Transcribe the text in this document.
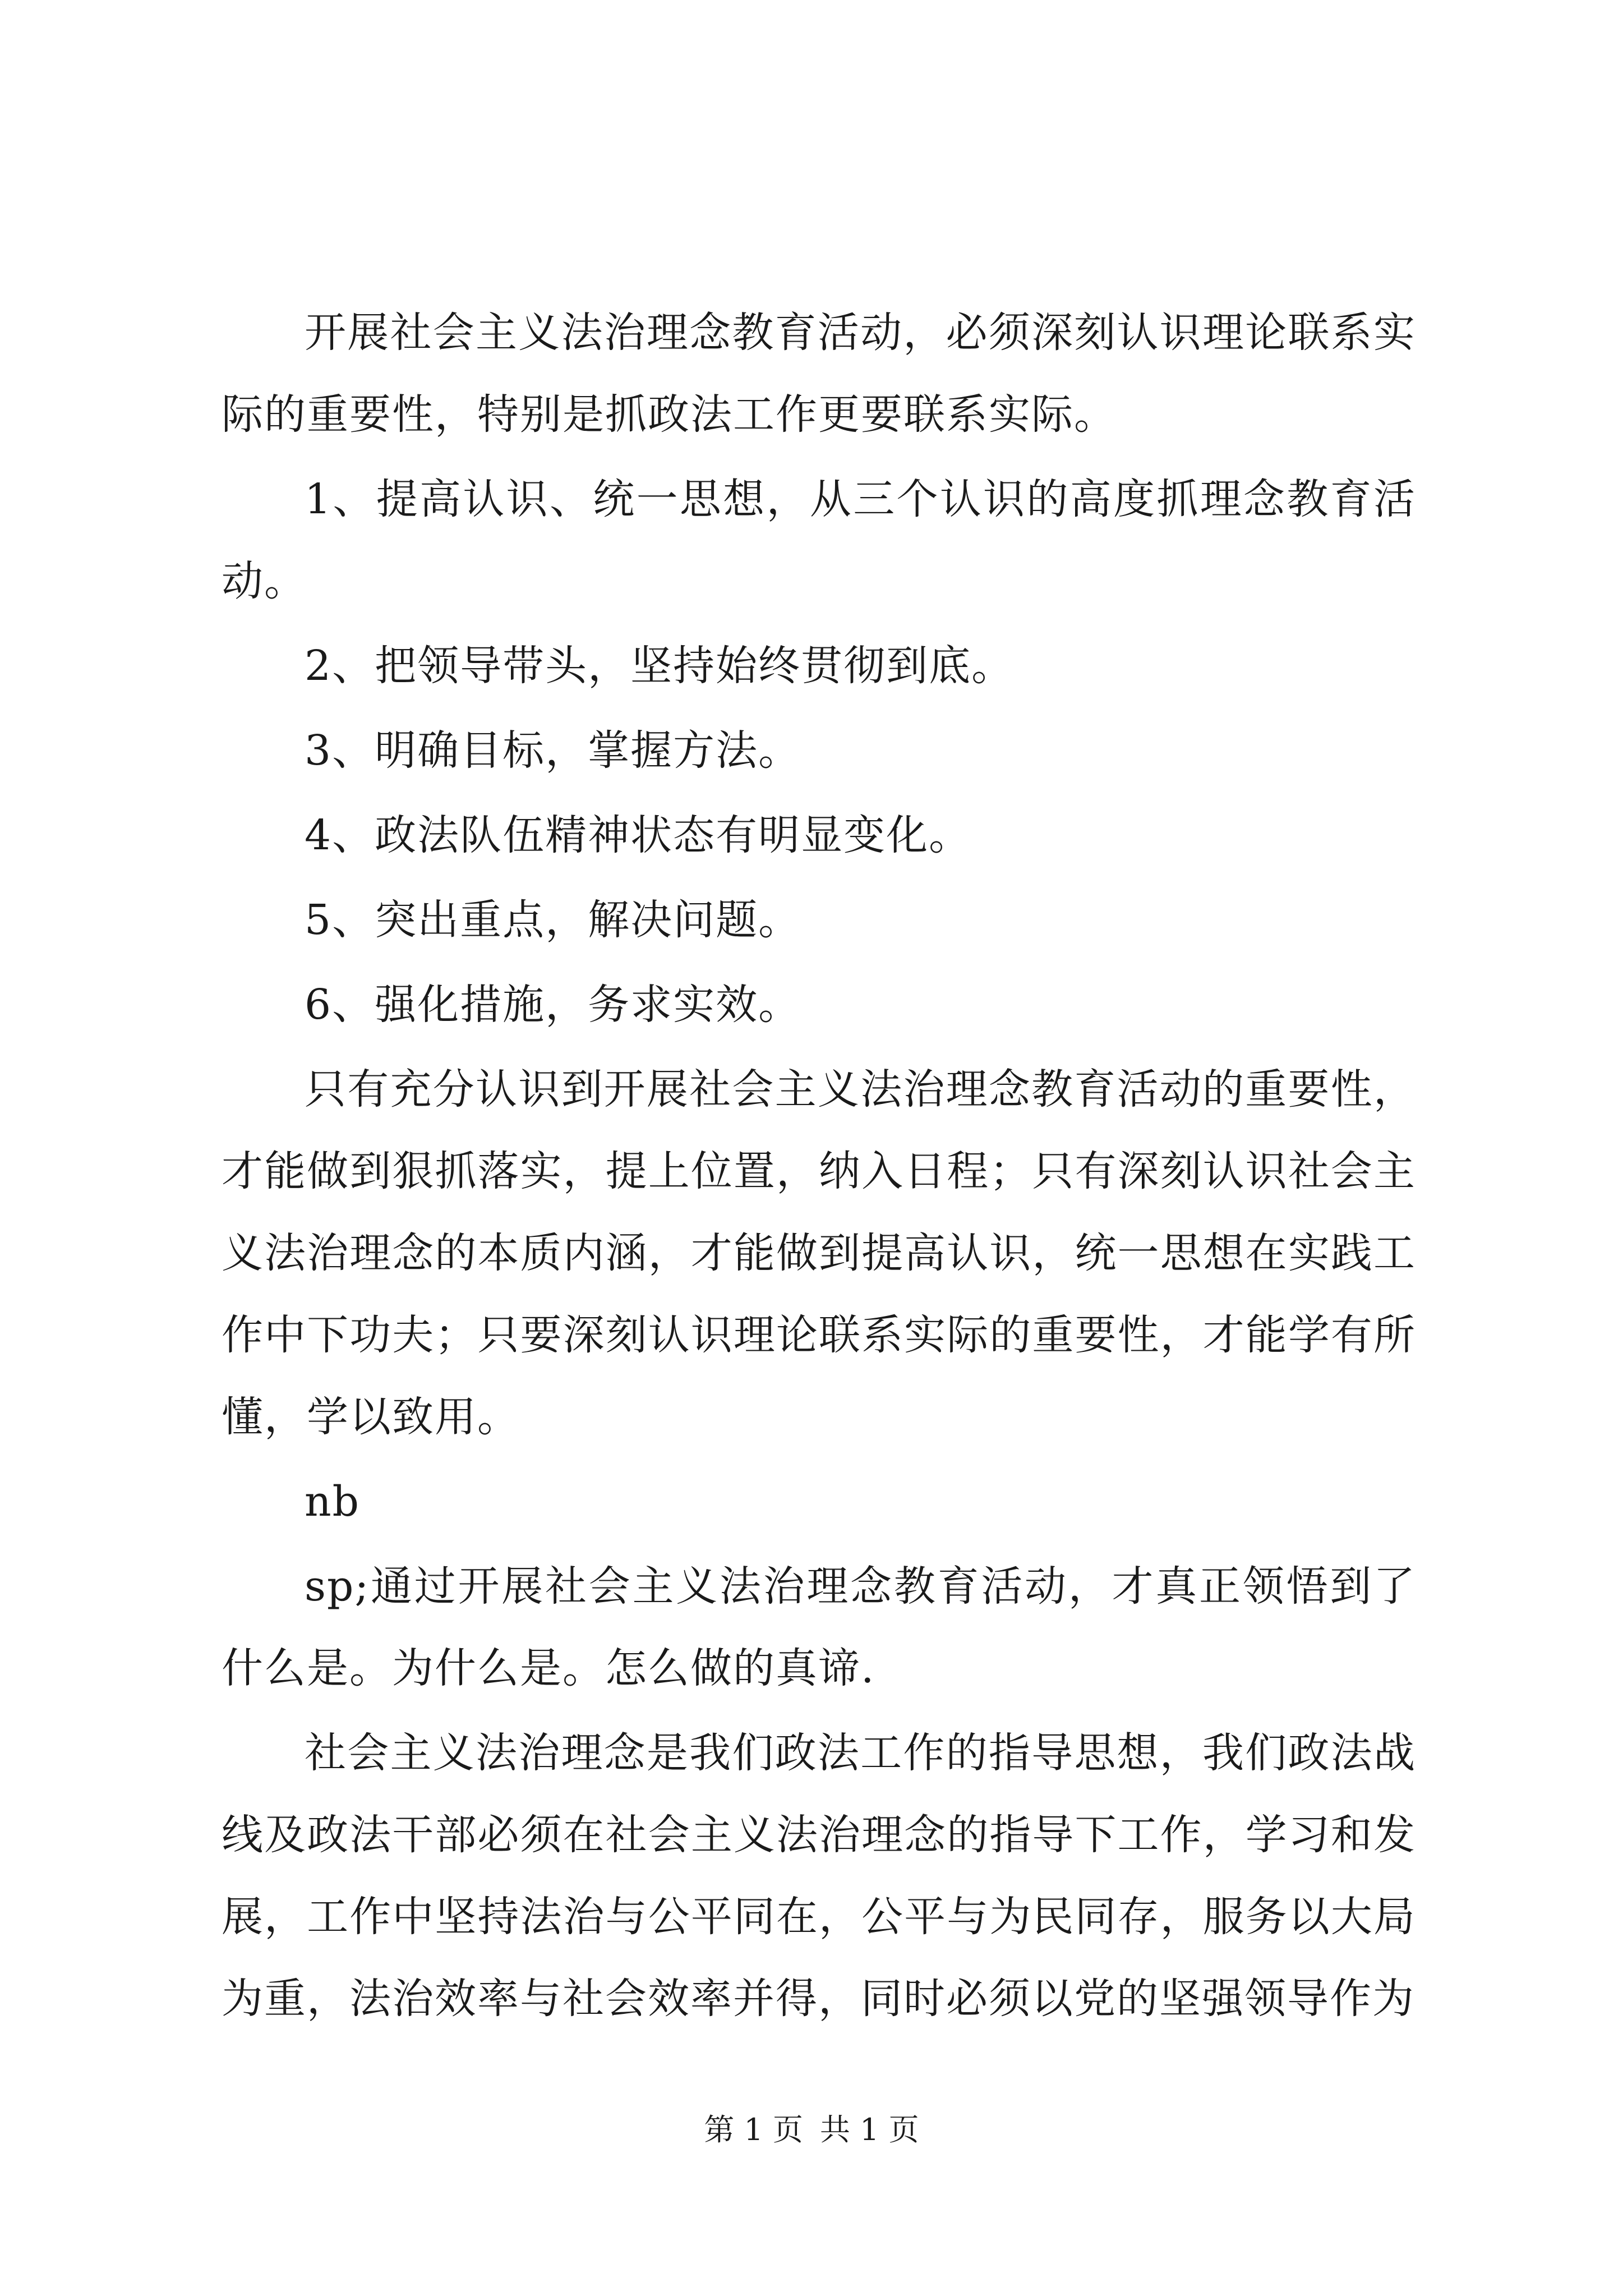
开展社会主义法治理念教育活动，必须深刻认识理论联系实际的重要性，特别是抓政法工作更要联系实际。

1、提高认识、统一思想，从三个认识的高度抓理念教育活动。

2、把领导带头，坚持始终贯彻到底。

3、明确目标，掌握方法。

4、政法队伍精神状态有明显变化。

5、突出重点，解决问题。

6、强化措施，务求实效。

只有充分认识到开展社会主义法治理念教育活动的重要性，才能做到狠抓落实，提上位置，纳入日程；只有深刻认识社会主义法治理念的本质内涵，才能做到提高认识，统一思想在实践工作中下功夫；只要深刻认识理论联系实际的重要性，才能学有所懂，学以致用。

nb

sp;通过开展社会主义法治理念教育活动，才真正领悟到了什么是。为什么是。怎么做的真谛.

社会主义法治理念是我们政法工作的指导思想，我们政法战线及政法干部必须在社会主义法治理念的指导下工作，学习和发展，工作中坚持法治与公平同在，公平与为民同存，服务以大局为重，法治效率与社会效率并得，同时必须以党的坚强领导作为

第 1 页 共 1 页
